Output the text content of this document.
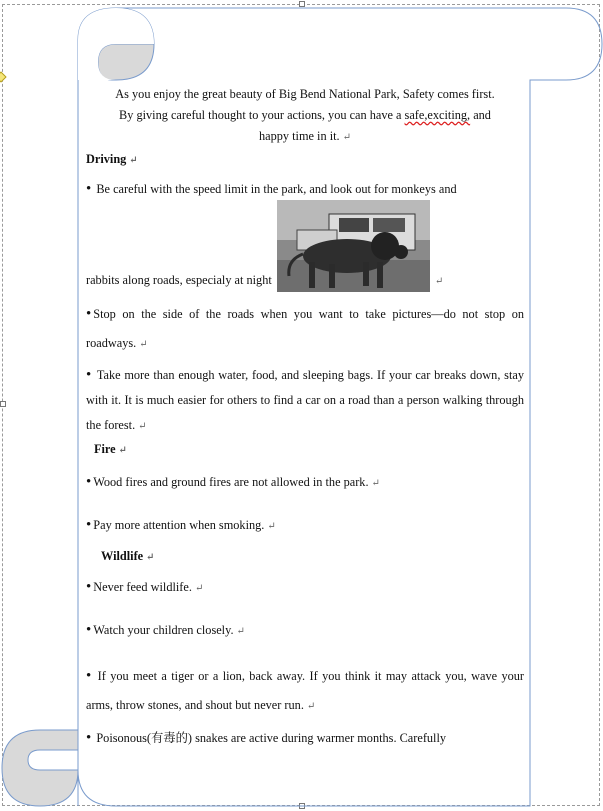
As you enjoy the great beauty of Big Bend National Park, Safety comes first.
By giving careful thought to your actions, you can have a safe,exciting, and
happy time in it. ↵

Driving ↵

• Be careful with the speed limit in the park, and look out for monkeys and

rabbits along roads, especialy at night	↵

• Stop on the side of the roads when you want to take pictures—do not stop on roadways. ↵

• Take more than enough water, food, and sleeping bags. If your car breaks down, stay with it. It is much easier for others to find a car on a road than a person walking through the forest. ↵

Fire ↵

• Wood fires and ground fires are not allowed in the park. ↵

• Pay more attention when smoking. ↵

Wildlife ↵

• Never feed wildlife. ↵

• Watch your children closely. ↵

• If you meet a tiger or a lion, back away. If you think it may attack you, wave your arms, throw stones, and shout but never run. ↵

• Poisonous(有毒的) snakes are active during warmer months. Carefully
